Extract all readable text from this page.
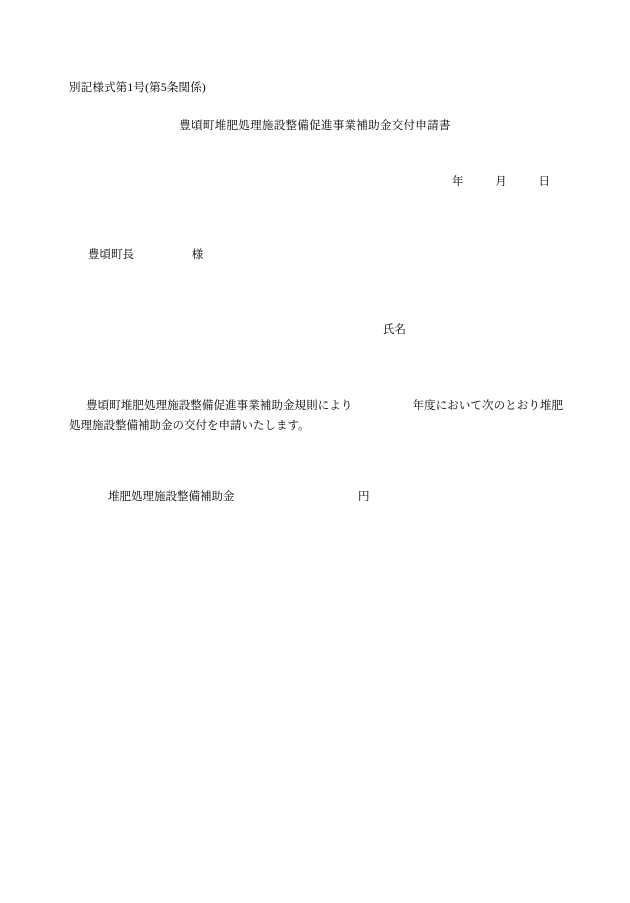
別記様式第1号(第5条関係)
豊頃町堆肥処理施設整備促進事業補助金交付申請書
年	月	日
豊頃町長	様
氏名
豊頃町堆肥処理施設整備促進事業補助金規則により	年度において次のとおり堆肥処理施設整備補助金の交付を申請いたします。
堆肥処理施設整備補助金	円
